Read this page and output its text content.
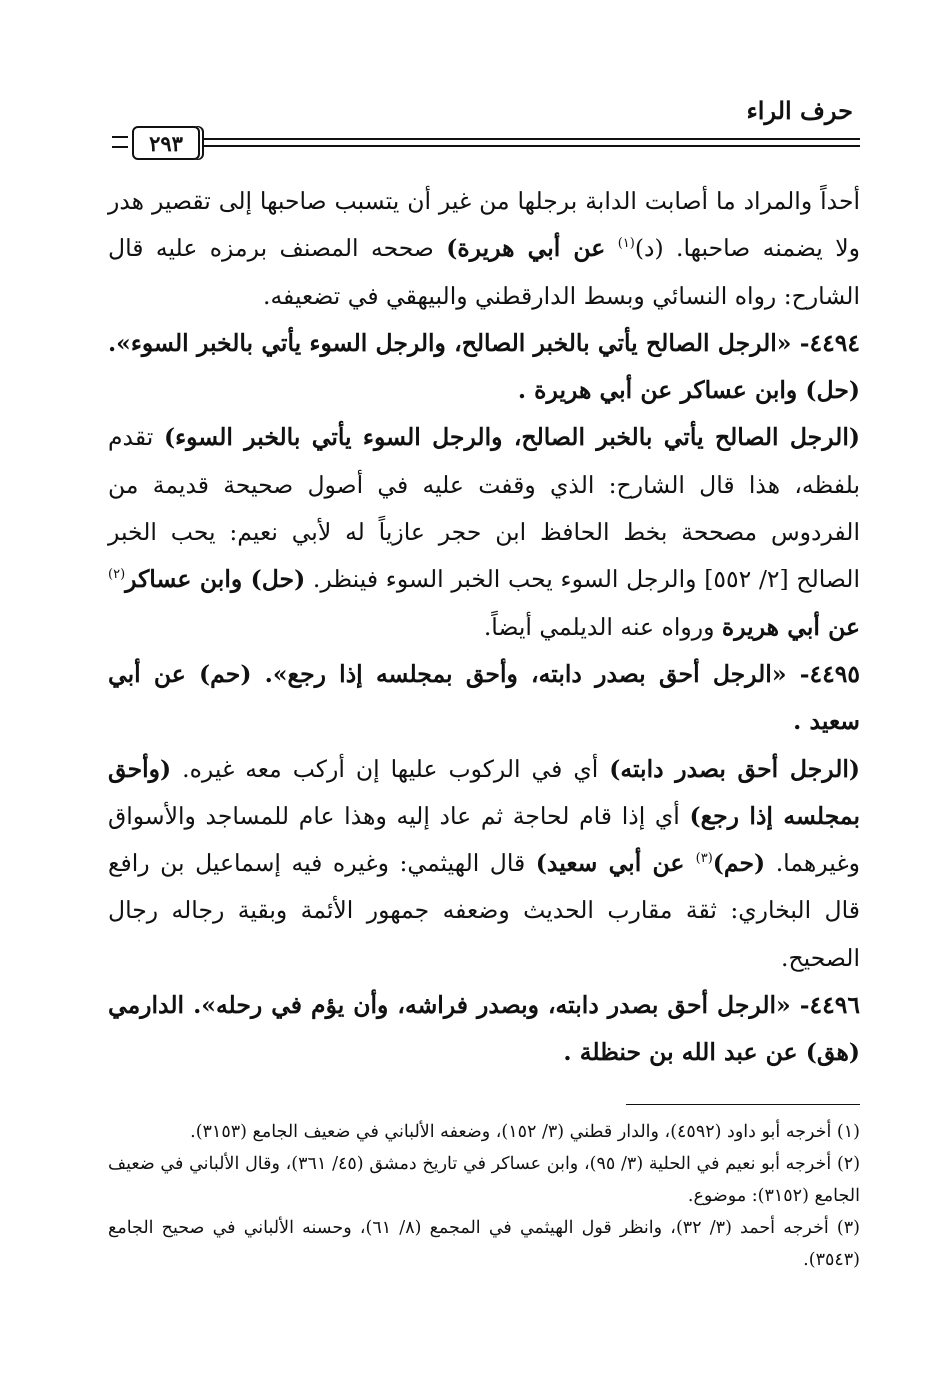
حرف الراء
٢٩٣

أحداً والمراد ما أصابت الدابة برجلها من غير أن يتسبب صاحبها إلى تقصير هدر ولا يضمنه صاحبها. (د)$^{(١)}$ عن أبي هريرة) صححه المصنف برمزه عليه قال الشارح: رواه النسائي وبسط الدارقطني والبيهقي في تضعيفه.

٤٤٩٤- «الرجل الصالح يأتي بالخبر الصالح، والرجل السوء يأتي بالخبر السوء». (حل) وابن عساكر عن أبي هريرة .

(الرجل الصالح يأتي بالخبر الصالح، والرجل السوء يأتي بالخبر السوء) تقدم بلفظه، هذا قال الشارح: الذي وقفت عليه في أصول صحيحة قديمة من الفردوس مصححة بخط الحافظ ابن حجر عازياً له لأبي نعيم: يحب الخبر الصالح [٢/ ٥٥٢] والرجل السوء يحب الخبر السوء فينظر. (حل) وابن عساكر$^{(٢)}$ عن أبي هريرة ورواه عنه الديلمي أيضاً.

٤٤٩٥- «الرجل أحق بصدر دابته، وأحق بمجلسه إذا رجع». (حم) عن أبي سعيد .

(الرجل أحق بصدر دابته) أي في الركوب عليها إن أركب معه غيره. (وأحق بمجلسه إذا رجع) أي إذا قام لحاجة ثم عاد إليه وهذا عام للمساجد والأسواق وغيرهما. (حم)$^{(٣)}$ عن أبي سعيد) قال الهيثمي: وغيره فيه إسماعيل بن رافع قال البخاري: ثقة مقارب الحديث وضعفه جمهور الأئمة وبقية رجاله رجال الصحيح.

٤٤٩٦- «الرجل أحق بصدر دابته، وبصدر فراشه، وأن يؤم في رحله». الدارمي (هق) عن عبد الله بن حنظلة .

(١) أخرجه أبو داود (٤٥٩٢)، والدار قطني (٣/ ١٥٢)، وضعفه الألباني في ضعيف الجامع (٣١٥٣).

(٢) أخرجه أبو نعيم في الحلية (٣/ ٩٥)، وابن عساكر في تاريخ دمشق (٤٥/ ٣٦١)، وقال الألباني في ضعيف الجامع (٣١٥٢): موضوع.

(٣) أخرجه أحمد (٣/ ٣٢)، وانظر قول الهيثمي في المجمع (٨/ ٦١)، وحسنه الألباني في صحيح الجامع (٣٥٤٣).
